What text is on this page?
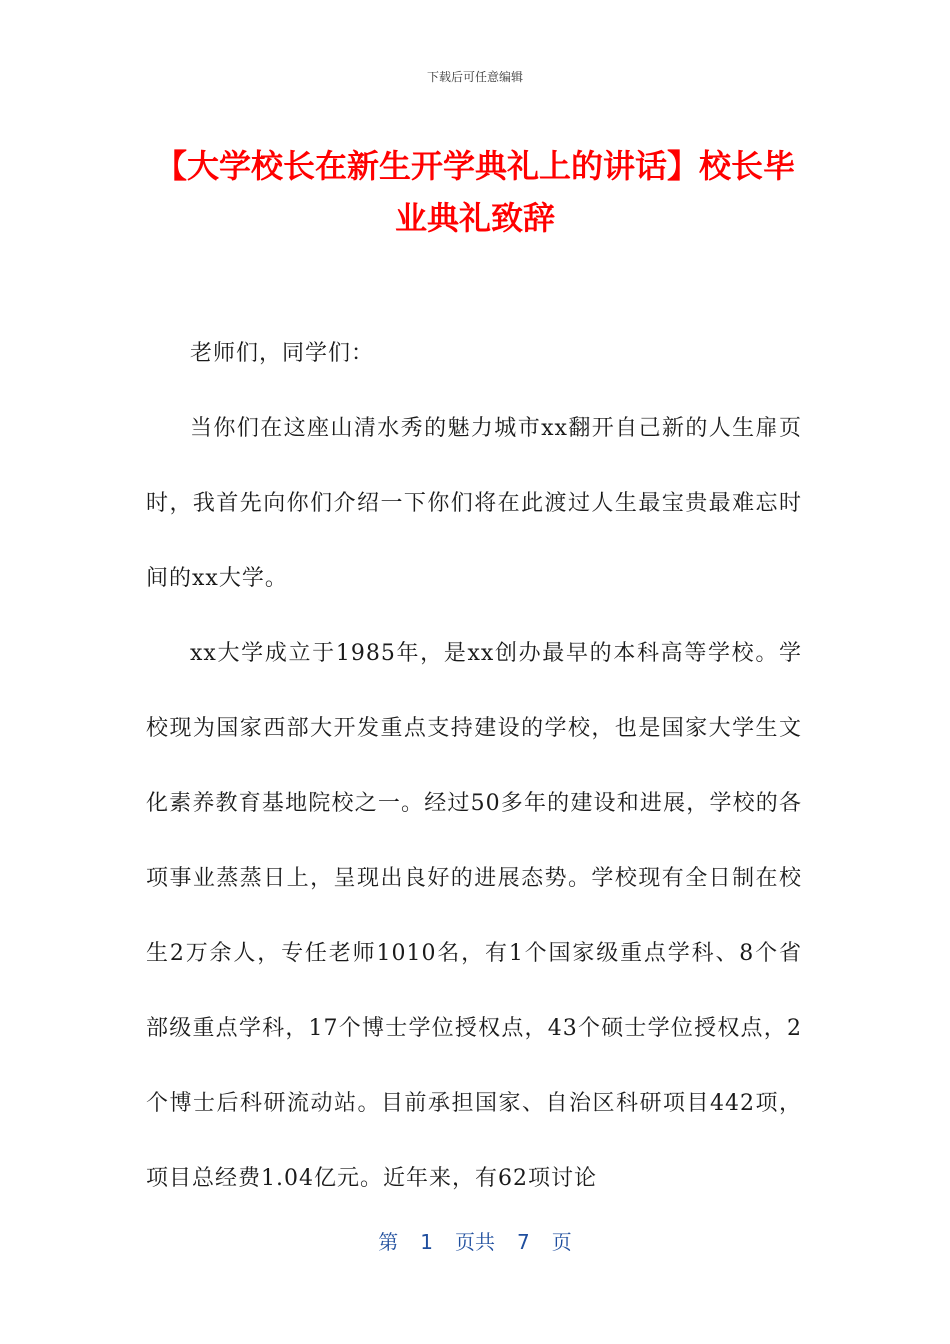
下载后可任意编辑
【大学校长在新生开学典礼上的讲话】校长毕业典礼致辞

老师们，同学们：

当你们在这座山清水秀的魅力城市xx翻开自己新的人生扉页时，我首先向你们介绍一下你们将在此渡过人生最宝贵最难忘时间的xx大学。

xx大学成立于1985年，是xx创办最早的本科高等学校。学校现为国家西部大开发重点支持建设的学校，也是国家大学生文化素养教育基地院校之一。经过50多年的建设和进展，学校的各项事业蒸蒸日上，呈现出良好的进展态势。学校现有全日制在校生2万余人，专任老师1010名，有1个国家级重点学科、8个省部级重点学科，17个博士学位授权点，43个硕士学位授权点，2个博士后科研流动站。目前承担国家、自治区科研项目442项，项目总经费1.04亿元。近年来，有62项讨论

第 1 页共 7 页
